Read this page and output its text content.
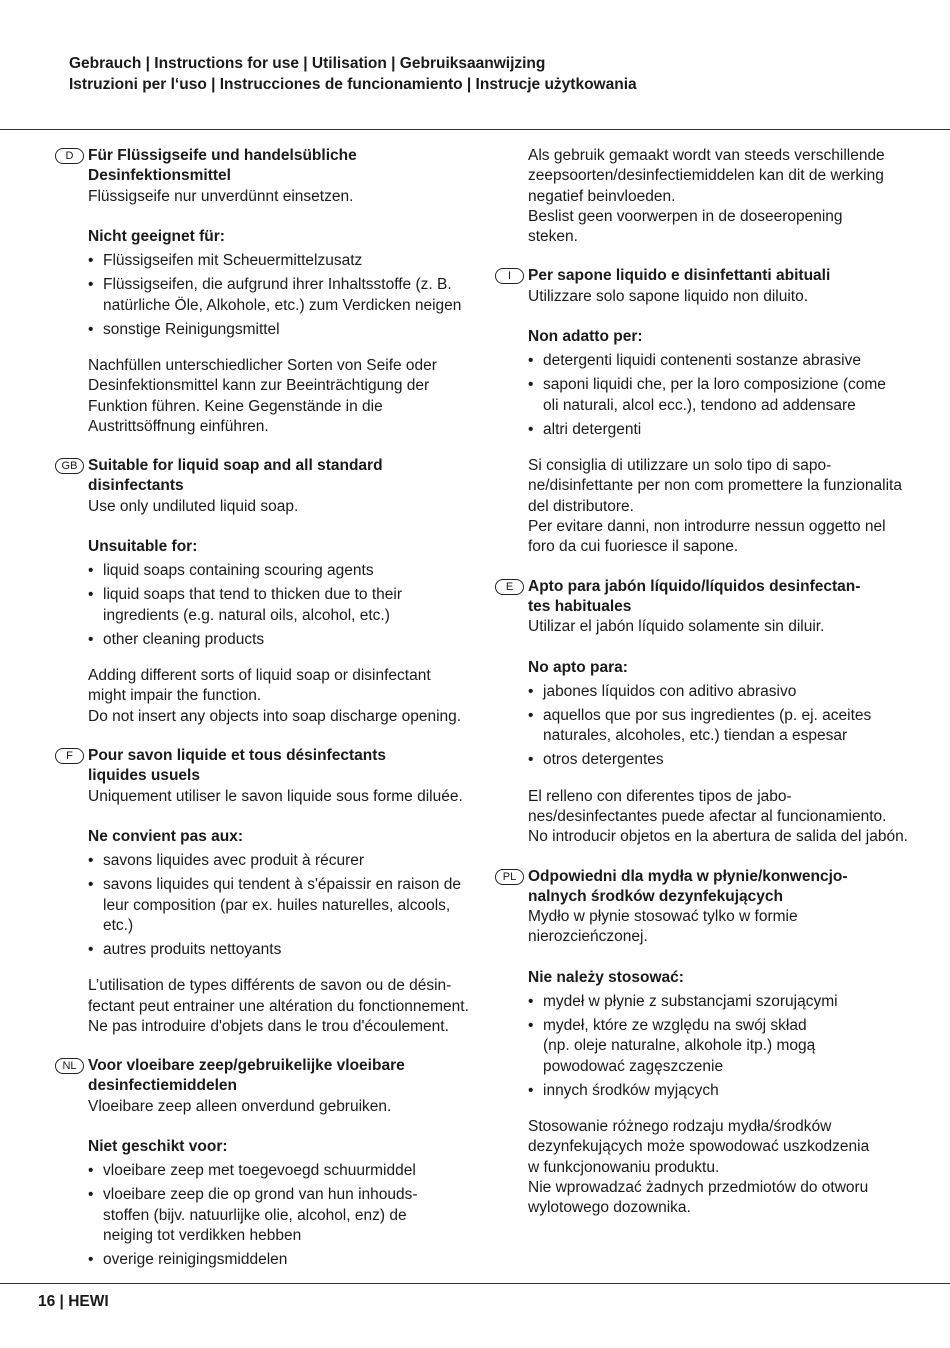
Gebrauch | Instructions for use | Utilisation | Gebruiksaanwijzing
Istruzioni per l‘uso | Instrucciones de funcionamiento | Instrucje użytkowania
D Für Flüssigseife und handelsübliche
Desinfektionsmittel
Flüssigseife nur unverdünnt einsetzen.
Nicht geeignet für:
• Flüssigseifen mit Scheuermittelzusatz
• Flüssigseifen, die aufgrund ihrer Inhaltsstoffe (z. B.
natürliche Öle, Alkohole, etc.) zum Verdicken neigen
• sonstige Reinigungsmittel
Nachfüllen unterschiedlicher Sorten von Seife oder
Desinfektionsmittel kann zur Beeinträchtigung der
Funktion führen. Keine Gegenstände in die
Austrittsöffnung einführen.
GB Suitable for liquid soap and all standard
disinfectants
Use only undiluted liquid soap.
Unsuitable for:
• liquid soaps containing scouring agents
• liquid soaps that tend to thicken due to their
ingredients (e.g. natural oils, alcohol, etc.)
• other cleaning products
Adding different sorts of liquid soap or disinfectant
might impair the function.
Do not insert any objects into soap discharge opening.
F Pour savon liquide et tous désinfectants
liquides usuels
Uniquement utiliser le savon liquide sous forme diluée.
Ne convient pas aux:
• savons liquides avec produit à récurer
• savons liquides qui tendent à s'épaissir en raison de
leur composition (par ex. huiles naturelles, alcools, etc.)
• autres produits nettoyants
L’utilisation de types différents de savon ou de désin-
fectant peut entrainer une altération du fonctionnement.
Ne pas introduire d'objets dans le trou d'écoulement.
NL Voor vloeibare zeep/gebruikelijke vloeibare
desinfectiemiddelen
Vloeibare zeep alleen onverdund gebruiken.
Niet geschikt voor:
• vloeibare zeep met toegevoegd schuurmiddel
• vloeibare zeep die op grond van hun inhouds-
stoffen (bijv. natuurlijke olie, alcohol, enz) de
neiging tot verdikken hebben
• overige reinigingsmiddelen
Als gebruik gemaakt wordt van steeds verschillende
zeepsoorten/desinfectiemiddelen kan dit de werking
negatief beinvloeden.
Beslist geen voorwerpen in de doseeropening
steken.
I	Per sapone liquido e disinfettanti abituali
Utilizzare solo sapone liquido non diluito.
Non adatto per:
• detergenti liquidi contenenti sostanze abrasive
• saponi liquidi che, per la loro composizione (come
oli naturali, alcol ecc.), tendono ad addensare
• altri detergenti
Si consiglia di utilizzare un solo tipo di sapo-
ne/disinfettante per non com promettere la funzionalita
del distributore.
Per evitare danni, non introdurre nessun oggetto nel
foro da cui fuoriesce il sapone.
E Apto para jabón líquido/líquidos desinfectan-
tes habituales
Utilizar el jabón líquido solamente sin diluir.
No apto para:
• jabones líquidos con aditivo abrasivo
• aquellos que por sus ingredientes (p. ej. aceites
naturales, alcoholes, etc.) tiendan a espesar
• otros detergentes
El relleno con diferentes tipos de jabo-
nes/desinfectantes puede afectar al funcionamiento.
No introducir objetos en la abertura de salida del jabón.
PL Odpowiedni dla mydła w płynie/konwencjo-
nalnych środków dezynfekujących
Mydło w płynie stosować tylko w formie
nierozcieńczonej.
Nie należy stosować:
• mydeł w płynie z substancjami szorującymi
• mydeł, które ze względu na swój skład
(np. oleje naturalne, alkohole itp.) mogą
powodować zagęszczenie
• innych środków myjących
Stosowanie różnego rodzaju mydła/środków
dezynfekujących może spowodować uszkodzenia
w funkcjonowaniu produktu.
Nie wprowadzać żadnych przedmiotów do otworu
wylotowego dozownika.
16 | HEWI
